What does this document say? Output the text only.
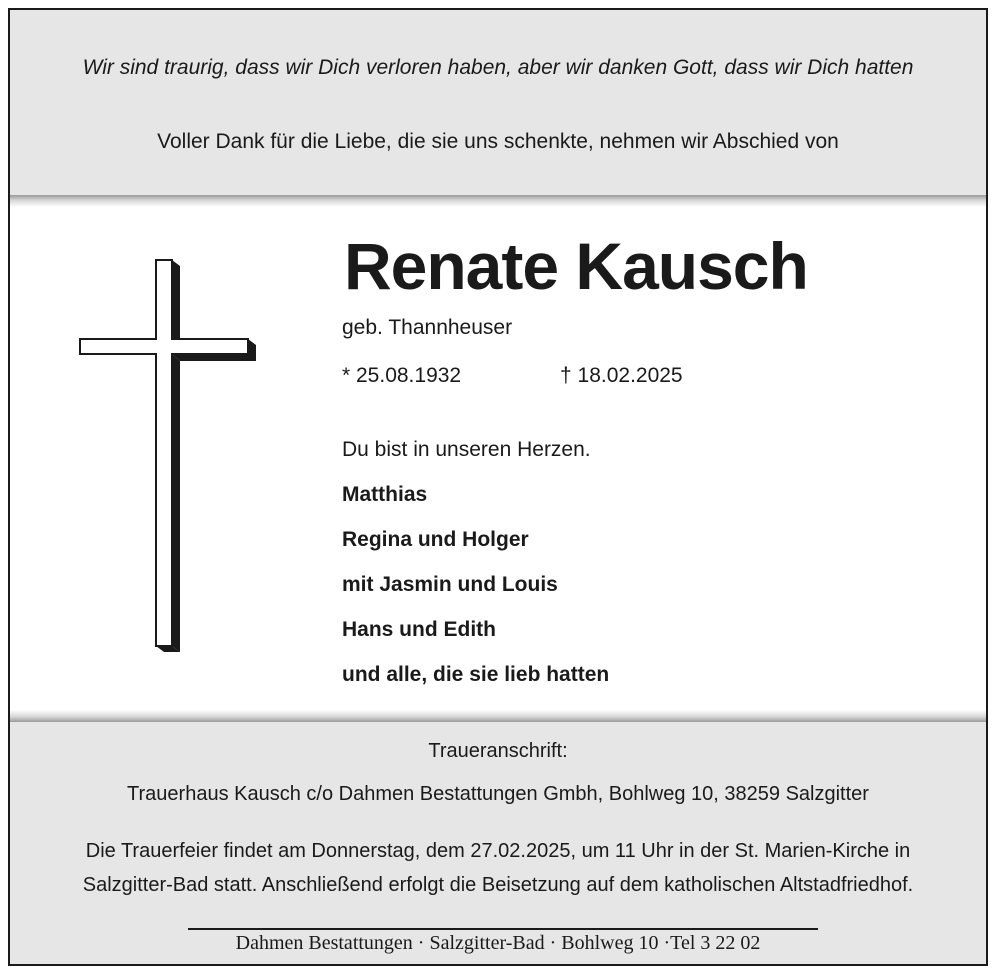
Wir sind traurig, dass wir Dich verloren haben, aber wir danken Gott, dass wir Dich hatten
Voller Dank für die Liebe, die sie uns schenkte, nehmen wir Abschied von
Renate Kausch
geb. Thannheuser
* 25.08.1932	† 18.02.2025
Du bist in unseren Herzen.
Matthias
Regina und Holger
mit Jasmin und Louis
Hans und Edith
und alle, die sie lieb hatten
Traueranschrift:
Trauerhaus Kausch c/o Dahmen Bestattungen Gmbh, Bohlweg 10, 38259 Salzgitter
Die Trauerfeier findet am Donnerstag, dem 27.02.2025, um 11 Uhr in der St. Marien-Kirche in
Salzgitter-Bad statt. Anschließend erfolgt die Beisetzung auf dem katholischen Altstadfriedhof.
Dahmen Bestattungen · Salzgitter-Bad · Bohlweg 10 ·Tel 3 22 02
